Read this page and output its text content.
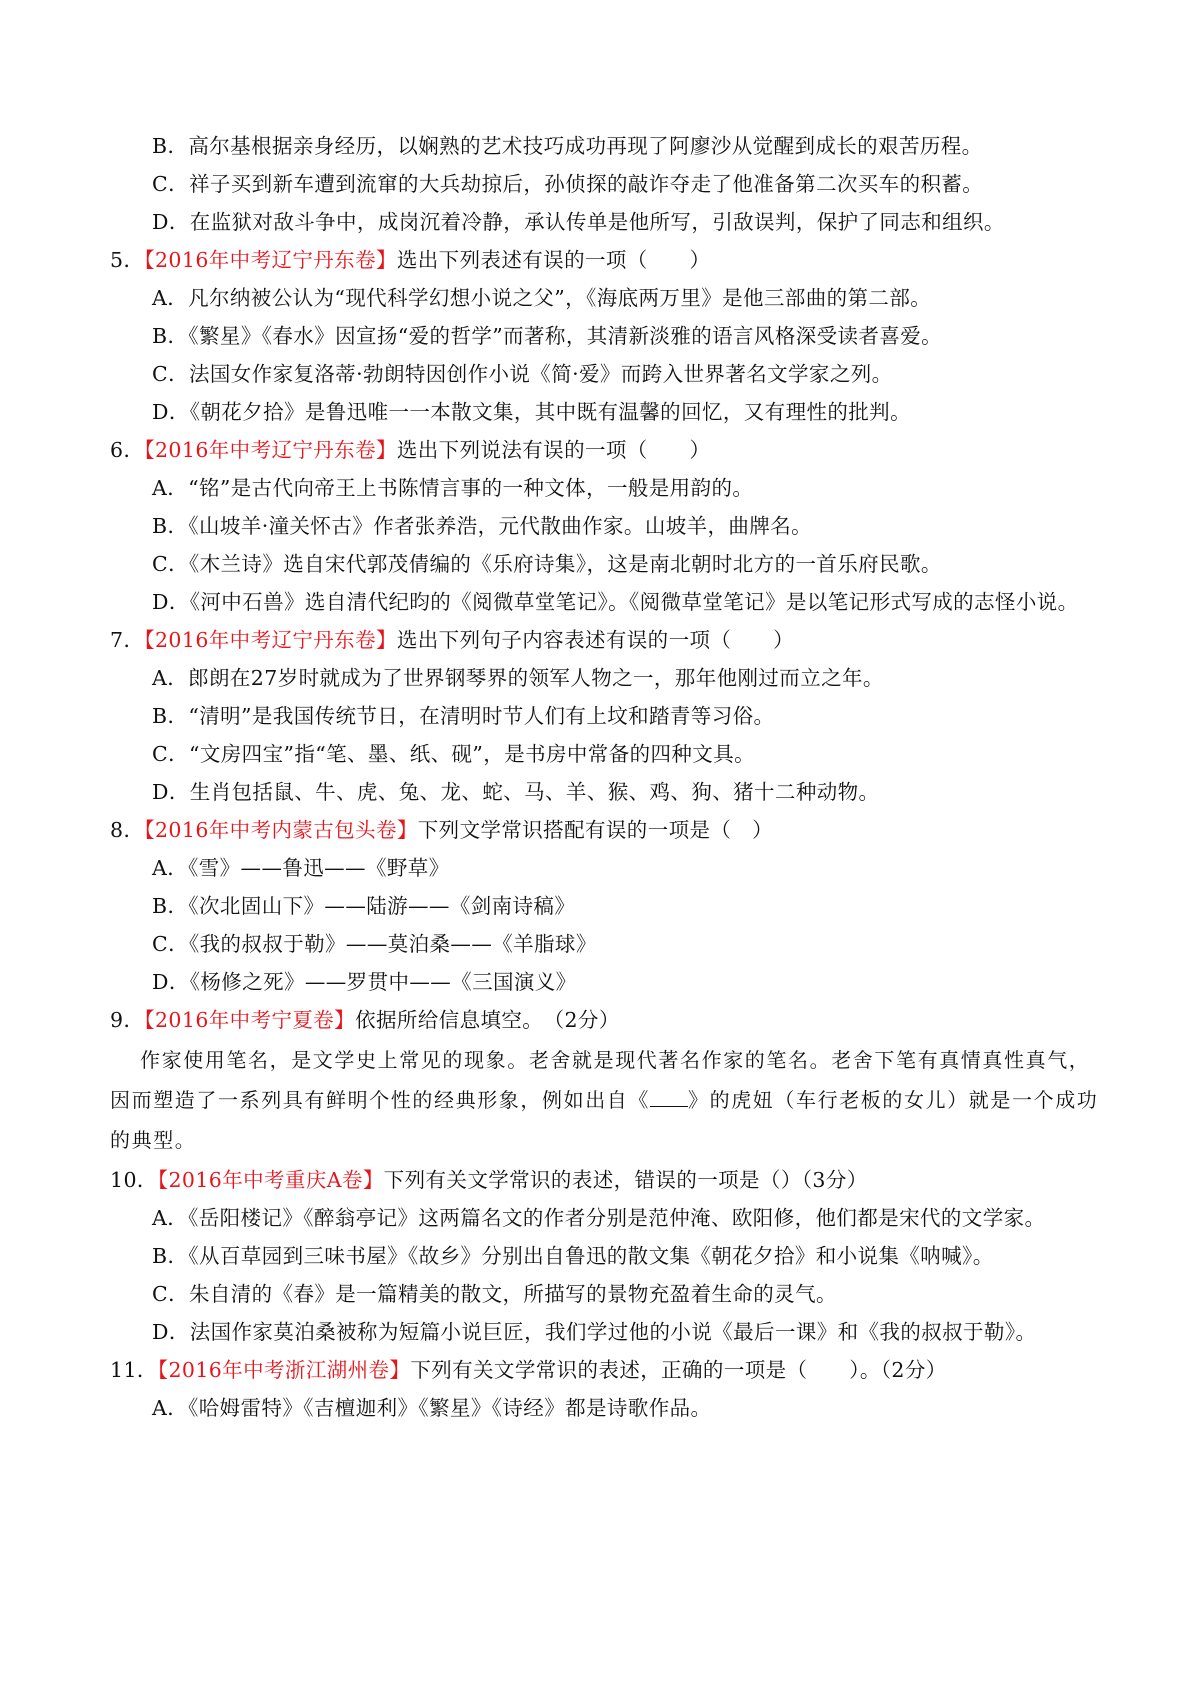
B．高尔基根据亲身经历，以娴熟的艺术技巧成功再现了阿廖沙从觉醒到成长的艰苦历程。
C．祥子买到新车遭到流窜的大兵劫掠后，孙侦探的敲诈夺走了他准备第二次买车的积蓄。
D．在监狱对敌斗争中，成岗沉着冷静，承认传单是他所写，引敌误判，保护了同志和组织。
5．【2016年中考辽宁丹东卷】选出下列表述有误的一项（　　）
A．凡尔纳被公认为“现代科学幻想小说之父”，《海底两万里》是他三部曲的第二部。
B．《繁星》《春水》因宣扬“爱的哲学”而著称，其清新淡雅的语言风格深受读者喜爱。
C．法国女作家复洛蒂·勃朗特因创作小说《简·爱》而跨入世界著名文学家之列。
D．《朝花夕拾》是鲁迅唯一一本散文集，其中既有温馨的回忆，又有理性的批判。
6．【2016年中考辽宁丹东卷】选出下列说法有误的一项（　　）
A．“铭”是古代向帝王上书陈情言事的一种文体，一般是用韵的。
B．《山坡羊·潼关怀古》作者张养浩，元代散曲作家。山坡羊，曲牌名。
C．《木兰诗》选自宋代郭茂倩编的《乐府诗集》，这是南北朝时北方的一首乐府民歌。
D．《河中石兽》选自清代纪昀的《阅微草堂笔记》。《阅微草堂笔记》是以笔记形式写成的志怪小说。
7．【2016年中考辽宁丹东卷】选出下列句子内容表述有误的一项（　　）
A．郎朗在27岁时就成为了世界钢琴界的领军人物之一，那年他刚过而立之年。
B．“清明”是我国传统节日，在清明时节人们有上坟和踏青等习俗。
C．“文房四宝”指“笔、墨、纸、砚”，是书房中常备的四种文具。
D．生肖包括鼠、牛、虎、兔、龙、蛇、马、羊、猴、鸡、狗、猪十二种动物。
8．【2016年中考内蒙古包头卷】下列文学常识搭配有误的一项是（　）
A．《雪》——鲁迅——《野草》
B．《次北固山下》——陆游——《剑南诗稿》
C．《我的叔叔于勒》——莫泊桑——《羊脂球》
D．《杨修之死》——罗贯中——《三国演义》
9．【2016年中考宁夏卷】依据所给信息填空。　（2分）
作家使用笔名，是文学史上常见的现象。老舍就是现代著名作家的笔名。老舍下笔有真情真性真气，
因而塑造了一系列具有鲜明个性的经典形象，例如出自《 》的虎妞（车行老板的女儿）就是一个成功
的典型。
10．【2016年中考重庆A卷】下列有关文学常识的表述，错误的一项是（）（3分）
A．《岳阳楼记》《醉翁亭记》这两篇名文的作者分别是范仲淹、欧阳修，他们都是宋代的文学家。
B．《从百草园到三味书屋》《故乡》分别出自鲁迅的散文集《朝花夕拾》和小说集《呐喊》。
C．朱自清的《春》是一篇精美的散文，所描写的景物充盈着生命的灵气。
D．法国作家莫泊桑被称为短篇小说巨匠，我们学过他的小说《最后一课》和《我的叔叔于勒》。
11．【2016年中考浙江湖州卷】下列有关文学常识的表述，正确的一项是（　　）。（2分）
A．《哈姆雷特》《吉檀迦利》《繁星》《诗经》都是诗歌作品。
